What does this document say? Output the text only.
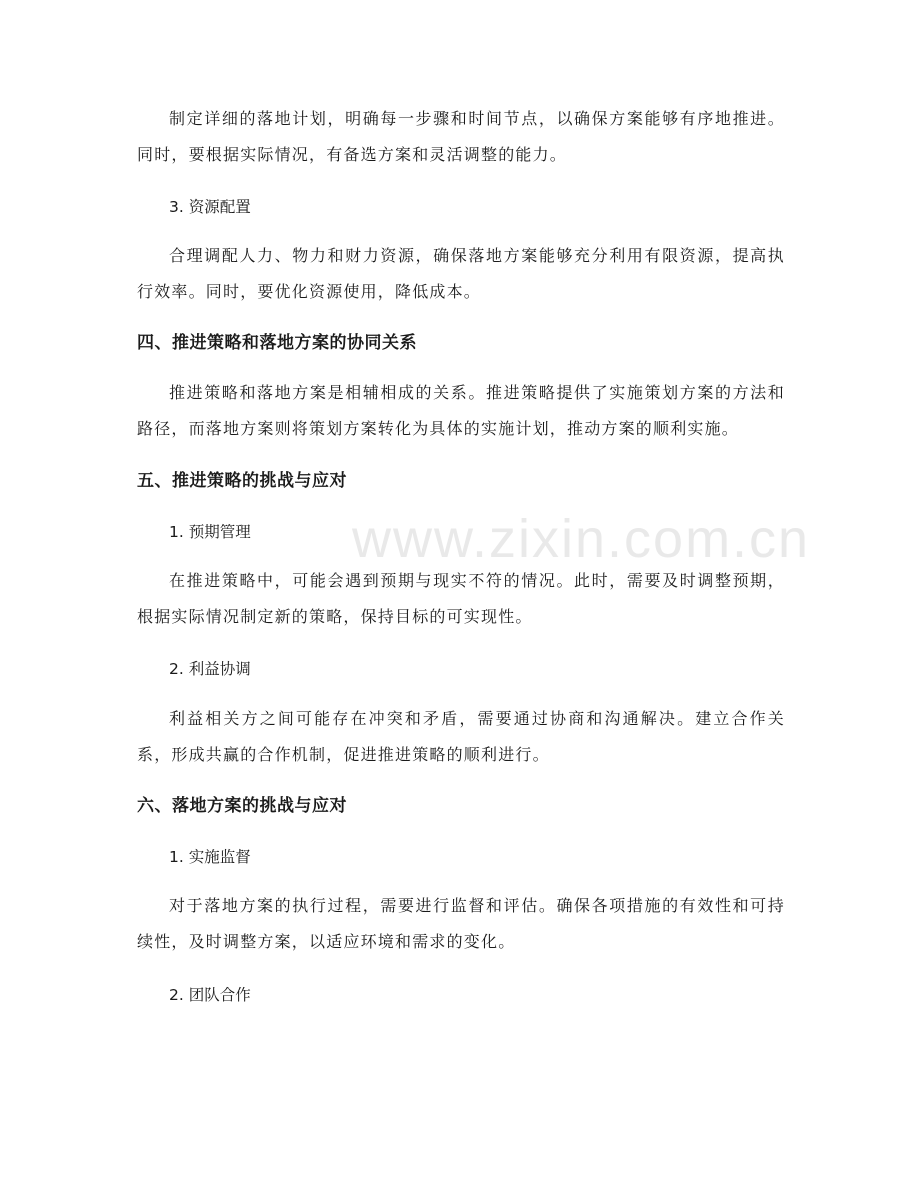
www.zixin.com.cn
制定详细的落地计划，明确每一步骤和时间节点，以确保方案能够有序地推进。同时，要根据实际情况，有备选方案和灵活调整的能力。
3. 资源配置
合理调配人力、物力和财力资源，确保落地方案能够充分利用有限资源，提高执行效率。同时，要优化资源使用，降低成本。
四、推进策略和落地方案的协同关系
推进策略和落地方案是相辅相成的关系。推进策略提供了实施策划方案的方法和路径，而落地方案则将策划方案转化为具体的实施计划，推动方案的顺利实施。
五、推进策略的挑战与应对
1. 预期管理
在推进策略中，可能会遇到预期与现实不符的情况。此时，需要及时调整预期，根据实际情况制定新的策略，保持目标的可实现性。
2. 利益协调
利益相关方之间可能存在冲突和矛盾，需要通过协商和沟通解决。建立合作关系，形成共赢的合作机制，促进推进策略的顺利进行。
六、落地方案的挑战与应对
1. 实施监督
对于落地方案的执行过程，需要进行监督和评估。确保各项措施的有效性和可持续性，及时调整方案，以适应环境和需求的变化。
2. 团队合作
